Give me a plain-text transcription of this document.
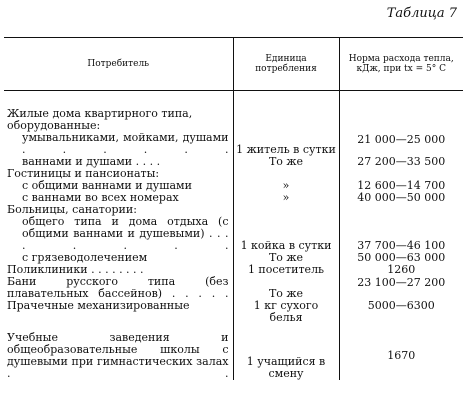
Таблица 7
Потребитель	Единица потребления	Норма расхода тепла, кДж, при tx = 5° C

Жилые дома квартирного типа, оборудованные:		
умывальниками, мойками, душами . . . . . .	1 житель в сутки	21 000—25 000
ваннами и душами . . . .	То же	27 200—33 500
Гостиницы и пансионаты:		
с общими ваннами и душами	»	12 600—14 700
с ваннами во всех номерах	»	40 000—50 000
Больницы, санатории:		
общего типа и дома отдыха (с общими ваннами и душевыми) . . . . . . . .	1 койка в сутки	37 700—46 100
с грязеводолечением	То же	50 000—63 000
Поликлиники . . . . . . . .	1 посетитель	1260
Бани русского типа (без плавательных бассейнов) . . . . .	То же	23 100—27 200
Прачечные механизированные	1 кг сухого белья	5000—6300

Учебные заведения и общеобразовательные школы с душевыми при гимнастических залах . .	1 учащийся в смену	1670
